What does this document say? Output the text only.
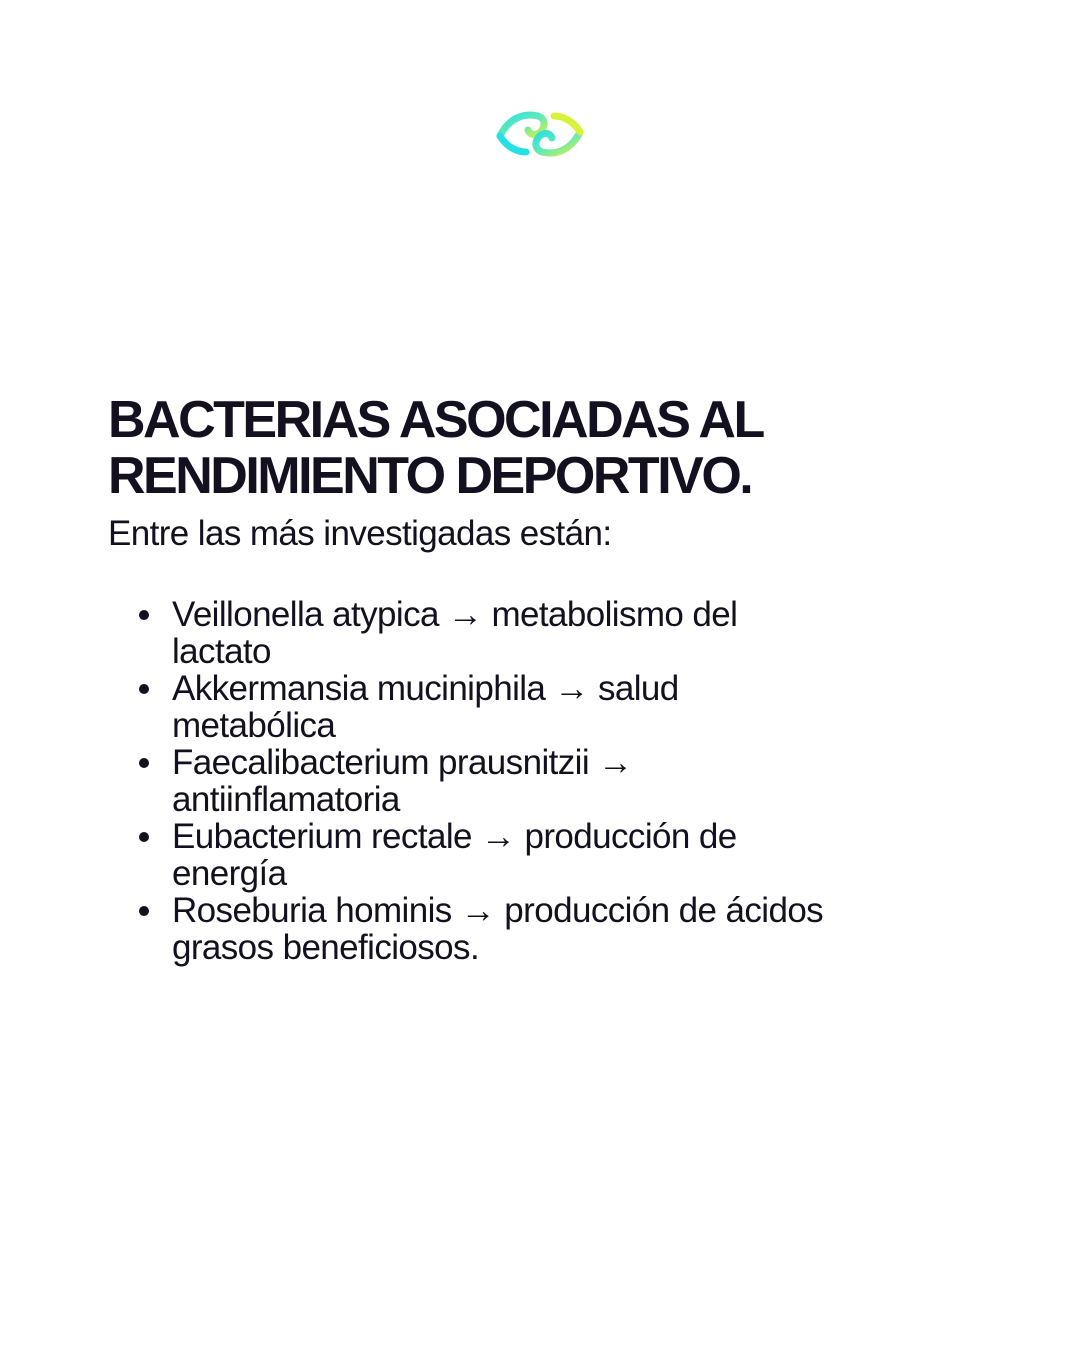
BACTERIAS ASOCIADAS AL
RENDIMIENTO DEPORTIVO.

Entre las más investigadas están:

Veillonella atypica → metabolismo del
lactato
Akkermansia muciniphila → salud
metabólica
Faecalibacterium prausnitzii →
antiinflamatoria
Eubacterium rectale → producción de
energía
Roseburia hominis → producción de ácidos
grasos beneficiosos.
